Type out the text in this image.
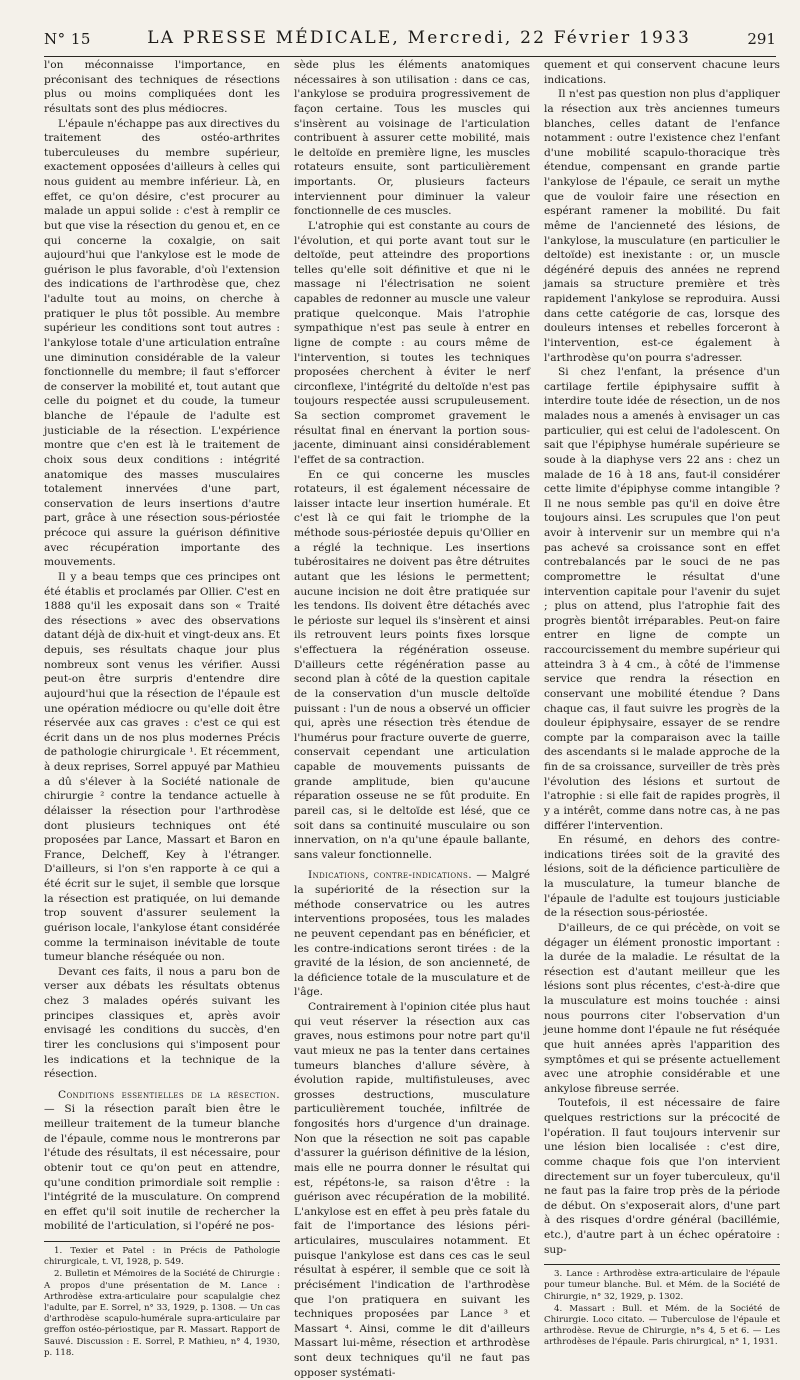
N° 15	LA PRESSE MÉDICALE, Mercredi, 22 Février 1933	291

l'on méconnaisse l'importance, en préconisant des techniques de résections plus ou moins compliquées dont les résultats sont des plus médiocres.

L'épaule n'échappe pas aux directives du traitement des ostéo-arthrites tuberculeuses du membre supérieur, exactement opposées d'ailleurs à celles qui nous guident au membre inférieur. Là, en effet, ce qu'on désire, c'est procurer au malade un appui solide : c'est à remplir ce but que vise la résection du genou et, en ce qui concerne la coxalgie, on sait aujourd'hui que l'ankylose est le mode de guérison le plus favorable, d'où l'extension des indications de l'arthrodèse que, chez l'adulte tout au moins, on cherche à pratiquer le plus tôt possible. Au membre supérieur les conditions sont tout autres : l'ankylose totale d'une articulation entraîne une diminution considérable de la valeur fonctionnelle du membre; il faut s'efforcer de conserver la mobilité et, tout autant que celle du poignet et du coude, la tumeur blanche de l'épaule de l'adulte est justiciable de la résection. L'expérience montre que c'en est là le traitement de choix sous deux conditions : intégrité anatomique des masses musculaires totalement innervées d'une part, conservation de leurs insertions d'autre part, grâce à une résection sous-périostée précoce qui assure la guérison définitive avec récupération importante des mouvements.

Il y a beau temps que ces principes ont été établis et proclamés par Ollier. C'est en 1888 qu'il les exposait dans son « Traité des résections » avec des observations datant déjà de dix-huit et vingt-deux ans. Et depuis, ses résultats chaque jour plus nombreux sont venus les vérifier. Aussi peut-on être surpris d'entendre dire aujourd'hui que la résection de l'épaule est une opération médiocre ou qu'elle doit être réservée aux cas graves : c'est ce qui est écrit dans un de nos plus modernes Précis de pathologie chirurgicale ¹. Et récemment, à deux reprises, Sorrel appuyé par Mathieu a dû s'élever à la Société nationale de chirurgie ² contre la tendance actuelle à délaisser la résection pour l'arthrodèse dont plusieurs techniques ont été proposées par Lance, Massart et Baron en France, Delcheff, Key à l'étranger. D'ailleurs, si l'on s'en rapporte à ce qui a été écrit sur le sujet, il semble que lorsque la résection est pratiquée, on lui demande trop souvent d'assurer seulement la guérison locale, l'ankylose étant considérée comme la terminaison inévitable de toute tumeur blanche réséquée ou non.

Devant ces faits, il nous a paru bon de verser aux débats les résultats obtenus chez 3 malades opérés suivant les principes classiques et, après avoir envisagé les conditions du succès, d'en tirer les conclusions qui s'imposent pour les indications et la technique de la résection.

Conditions essentielles de la résection. — Si la résection paraît bien être le meilleur traitement de la tumeur blanche de l'épaule, comme nous le montrerons par l'étude des résultats, il est nécessaire, pour obtenir tout ce qu'on peut en attendre, qu'une condition primordiale soit remplie : l'intégrité de la musculature. On comprend en effet qu'il soit inutile de rechercher la mobilité de l'articulation, si l'opéré ne pos-

1. Texier et Patel : in Précis de Pathologie chirurgicale, t. VI, 1928, p. 549.

2. Bulletin et Mémoires de la Société de Chirurgie : A propos d'une présentation de M. Lance : Arthrodèse extra-articulaire pour scapulalgie chez l'adulte, par E. Sorrel, n° 33, 1929, p. 1308. — Un cas d'arthrodèse scapulo-humérale supra-articulaire par greffon ostéo-périostique, par R. Massart. Rapport de Sauvé. Discussion : E. Sorrel, P. Mathieu, n° 4, 1930, p. 118.

sède plus les éléments anatomiques nécessaires à son utilisation : dans ce cas, l'ankylose se produira progressivement de façon certaine. Tous les muscles qui s'insèrent au voisinage de l'articulation contribuent à assurer cette mobilité, mais le deltoïde en première ligne, les muscles rotateurs ensuite, sont particulièrement importants. Or, plusieurs facteurs interviennent pour diminuer la valeur fonctionnelle de ces muscles.

L'atrophie qui est constante au cours de l'évolution, et qui porte avant tout sur le deltoïde, peut atteindre des proportions telles qu'elle soit définitive et que ni le massage ni l'électrisation ne soient capables de redonner au muscle une valeur pratique quelconque. Mais l'atrophie sympathique n'est pas seule à entrer en ligne de compte : au cours même de l'intervention, si toutes les techniques proposées cherchent à éviter le nerf circonflexe, l'intégrité du deltoïde n'est pas toujours respectée aussi scrupuleusement. Sa section compromet gravement le résultat final en énervant la portion sous-jacente, diminuant ainsi considérablement l'effet de sa contraction.

En ce qui concerne les muscles rotateurs, il est également nécessaire de laisser intacte leur insertion humérale. Et c'est là ce qui fait le triomphe de la méthode sous-périostée depuis qu'Ollier en a réglé la technique. Les insertions tubérositaires ne doivent pas être détruites autant que les lésions le permettent; aucune incision ne doit être pratiquée sur les tendons. Ils doivent être détachés avec le périoste sur lequel ils s'insèrent et ainsi ils retrouvent leurs points fixes lorsque s'effectuera la régénération osseuse. D'ailleurs cette régénération passe au second plan à côté de la question capitale de la conservation d'un muscle deltoïde puissant : l'un de nous a observé un officier qui, après une résection très étendue de l'humérus pour fracture ouverte de guerre, conservait cependant une articulation capable de mouvements puissants de grande amplitude, bien qu'aucune réparation osseuse ne se fût produite. En pareil cas, si le deltoïde est lésé, que ce soit dans sa continuité musculaire ou son innervation, on n'a qu'une épaule ballante, sans valeur fonctionnelle.

Indications, contre-indications. — Malgré la supériorité de la résection sur la méthode conservatrice ou les autres interventions proposées, tous les malades ne peuvent cependant pas en bénéficier, et les contre-indications seront tirées : de la gravité de la lésion, de son ancienneté, de la déficience totale de la musculature et de l'âge.

Contrairement à l'opinion citée plus haut qui veut réserver la résection aux cas graves, nous estimons pour notre part qu'il vaut mieux ne pas la tenter dans certaines tumeurs blanches d'allure sévère, à évolution rapide, multifistuleuses, avec grosses destructions, musculature particulièrement touchée, infiltrée de fongosités hors d'urgence d'un drainage. Non que la résection ne soit pas capable d'assurer la guérison définitive de la lésion, mais elle ne pourra donner le résultat qui est, répétons-le, sa raison d'être : la guérison avec récupération de la mobilité. L'ankylose est en effet à peu près fatale du fait de l'importance des lésions péri-articulaires, musculaires notamment. Et puisque l'ankylose est dans ces cas le seul résultat à espérer, il semble que ce soit là précisément l'indication de l'arthrodèse que l'on pratiquera en suivant les techniques proposées par Lance ³ et Massart ⁴. Ainsi, comme le dit d'ailleurs Massart lui-même, résection et arthrodèse sont deux techniques qu'il ne faut pas opposer systémati-

quement et qui conservent chacune leurs indications.

Il n'est pas question non plus d'appliquer la résection aux très anciennes tumeurs blanches, celles datant de l'enfance notamment : outre l'existence chez l'enfant d'une mobilité scapulo-thoracique très étendue, compensant en grande partie l'ankylose de l'épaule, ce serait un mythe que de vouloir faire une résection en espérant ramener la mobilité. Du fait même de l'ancienneté des lésions, de l'ankylose, la musculature (en particulier le deltoïde) est inexistante : or, un muscle dégénéré depuis des années ne reprend jamais sa structure première et très rapidement l'ankylose se reproduira. Aussi dans cette catégorie de cas, lorsque des douleurs intenses et rebelles forceront à l'intervention, est-ce également à l'arthrodèse qu'on pourra s'adresser.

Si chez l'enfant, la présence d'un cartilage fertile épiphysaire suffit à interdire toute idée de résection, un de nos malades nous a amenés à envisager un cas particulier, qui est celui de l'adolescent. On sait que l'épiphyse humérale supérieure se soude à la diaphyse vers 22 ans : chez un malade de 16 à 18 ans, faut-il considérer cette limite d'épiphyse comme intangible ? Il ne nous semble pas qu'il en doive être toujours ainsi. Les scrupules que l'on peut avoir à intervenir sur un membre qui n'a pas achevé sa croissance sont en effet contrebalancés par le souci de ne pas compromettre le résultat d'une intervention capitale pour l'avenir du sujet ; plus on attend, plus l'atrophie fait des progrès bientôt irréparables. Peut-on faire entrer en ligne de compte un raccourcissement du membre supérieur qui atteindra 3 à 4 cm., à côté de l'immense service que rendra la résection en conservant une mobilité étendue ? Dans chaque cas, il faut suivre les progrès de la douleur épiphysaire, essayer de se rendre compte par la comparaison avec la taille des ascendants si le malade approche de la fin de sa croissance, surveiller de très près l'évolution des lésions et surtout de l'atrophie : si elle fait de rapides progrès, il y a intérêt, comme dans notre cas, à ne pas différer l'intervention.

En résumé, en dehors des contre-indications tirées soit de la gravité des lésions, soit de la déficience particulière de la musculature, la tumeur blanche de l'épaule de l'adulte est toujours justiciable de la résection sous-périostée.

D'ailleurs, de ce qui précède, on voit se dégager un élément pronostic important : la durée de la maladie. Le résultat de la résection est d'autant meilleur que les lésions sont plus récentes, c'est-à-dire que la musculature est moins touchée : ainsi nous pourrons citer l'observation d'un jeune homme dont l'épaule ne fut réséquée que huit années après l'apparition des symptômes et qui se présente actuellement avec une atrophie considérable et une ankylose fibreuse serrée.

Toutefois, il est nécessaire de faire quelques restrictions sur la précocité de l'opération. Il faut toujours intervenir sur une lésion bien localisée : c'est dire, comme chaque fois que l'on intervient directement sur un foyer tuberculeux, qu'il ne faut pas la faire trop près de la période de début. On s'exposerait alors, d'une part à des risques d'ordre général (bacillémie, etc.), d'autre part à un échec opératoire : sup-

3. Lance : Arthrodèse extra-articulaire de l'épaule pour tumeur blanche. Bul. et Mém. de la Société de Chirurgie, n° 32, 1929, p. 1302.

4. Massart : Bull. et Mém. de la Société de Chirurgie. Loco citato. — Tuberculose de l'épaule et arthrodèse. Revue de Chirurgie, n°s 4, 5 et 6. — Les arthrodèses de l'épaule. Paris chirurgical, n° 1, 1931.
